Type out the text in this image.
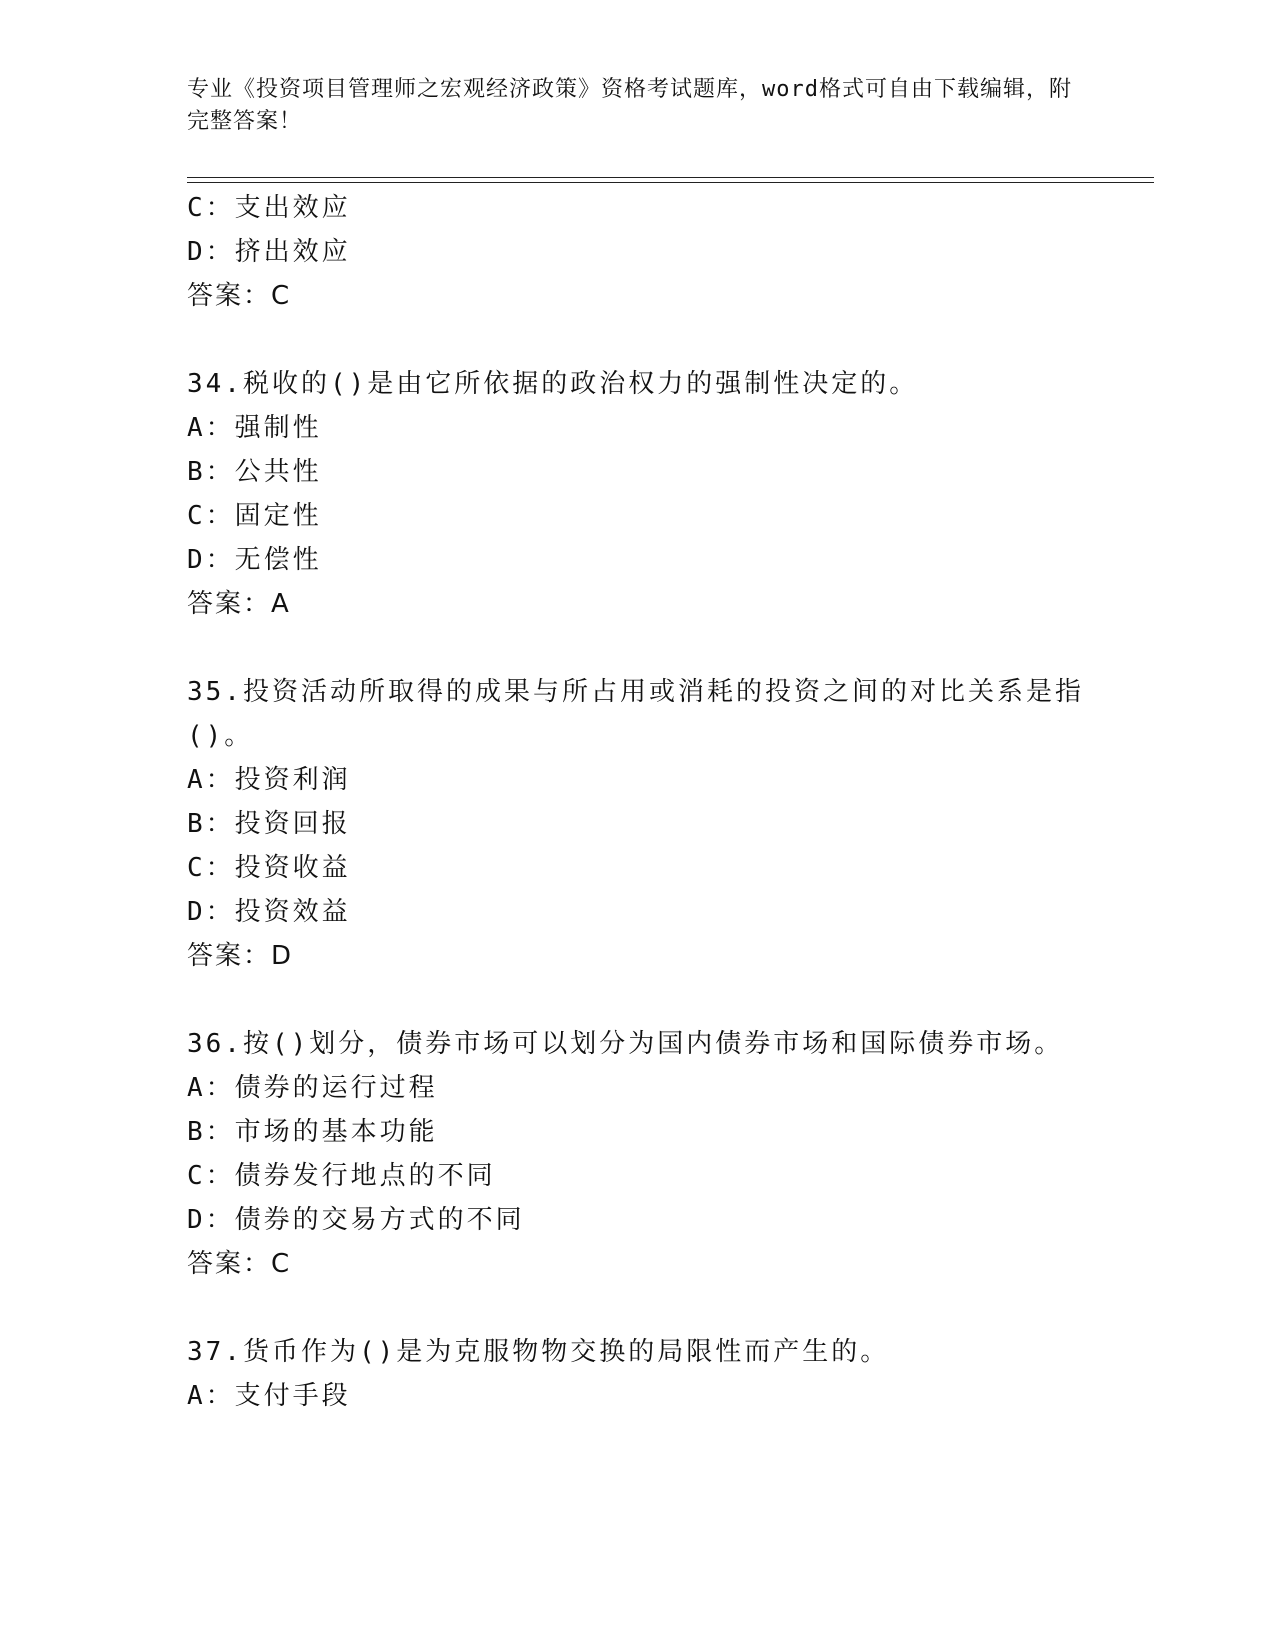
专业《投资项目管理师之宏观经济政策》资格考试题库，word格式可自由下载编辑，附完整答案！
C：支出效应
D：挤出效应
答案：C
34.税收的()是由它所依据的政治权力的强制性决定的。
A：强制性
B：公共性
C：固定性
D：无偿性
答案：A
35.投资活动所取得的成果与所占用或消耗的投资之间的对比关系是指
()。
A：投资利润
B：投资回报
C：投资收益
D：投资效益
答案：D
36.按()划分，债券市场可以划分为国内债券市场和国际债券市场。
A：债券的运行过程
B：市场的基本功能
C：债券发行地点的不同
D：债券的交易方式的不同
答案：C
37.货币作为()是为克服物物交换的局限性而产生的。
A：支付手段
